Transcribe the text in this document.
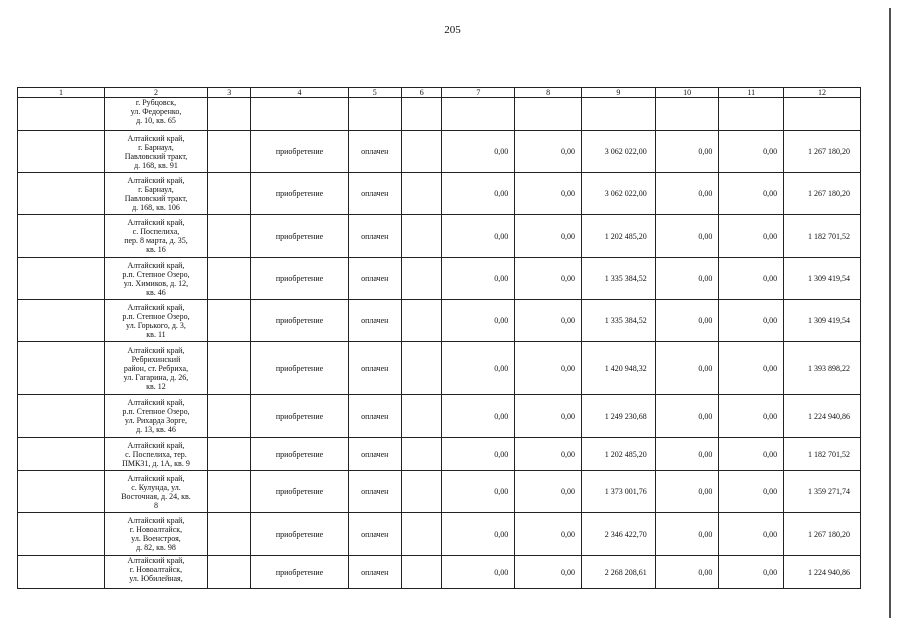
205
1	2	3	4	5	6	7	8	9	10	11	12

	г. Рубцовск,
ул. Федоренко,
д. 10, кв. 65										

	Алтайский край,
г. Барнаул,
Павловский тракт,
д. 168, кв. 91		приобретение	оплачен		0,00	0,00	3 062 022,00	0,00	0,00	1 267 180,20

	Алтайский край,
г. Барнаул,
Павловский тракт,
д. 168, кв. 106		приобретение	оплачен		0,00	0,00	3 062 022,00	0,00	0,00	1 267 180,20

	Алтайский край,
с. Поспелиха,
пер. 8 марта, д. 35,
кв. 16		приобретение	оплачен		0,00	0,00	1 202 485,20	0,00	0,00	1 182 701,52

	Алтайский край,
р.п. Степное Озеро,
ул. Химиков, д. 12,
кв. 46		приобретение	оплачен		0,00	0,00	1 335 384,52	0,00	0,00	1 309 419,54

	Алтайский край,
р.п. Степное Озеро,
ул. Горького, д. 3,
кв. 11		приобретение	оплачен		0,00	0,00	1 335 384,52	0,00	0,00	1 309 419,54

	Алтайский край,
Ребрихинский
район, ст. Ребриха,
ул. Гагарина, д. 26,
кв. 12		приобретение	оплачен		0,00	0,00	1 420 948,32	0,00	0,00	1 393 898,22

	Алтайский край,
р.п. Степное Озеро,
ул. Рихарда Зорге,
д. 13, кв. 46		приобретение	оплачен		0,00	0,00	1 249 230,68	0,00	0,00	1 224 940,86

	Алтайский край,
с. Поспелиха, тер.
ПМК31, д. 1А, кв. 9		приобретение	оплачен		0,00	0,00	1 202 485,20	0,00	0,00	1 182 701,52

	Алтайский край,
с. Кулунда, ул.
Восточная, д. 24, кв.
8		приобретение	оплачен		0,00	0,00	1 373 001,76	0,00	0,00	1 359 271,74

	Алтайский край,
г. Новоалтайск,
ул. Военстроя,
д. 82, кв. 98		приобретение	оплачен		0,00	0,00	2 346 422,70	0,00	0,00	1 267 180,20

	Алтайский край,
г. Новоалтайск,
ул. Юбилейная,		приобретение	оплачен		0,00	0,00	2 268 208,61	0,00	0,00	1 224 940,86
